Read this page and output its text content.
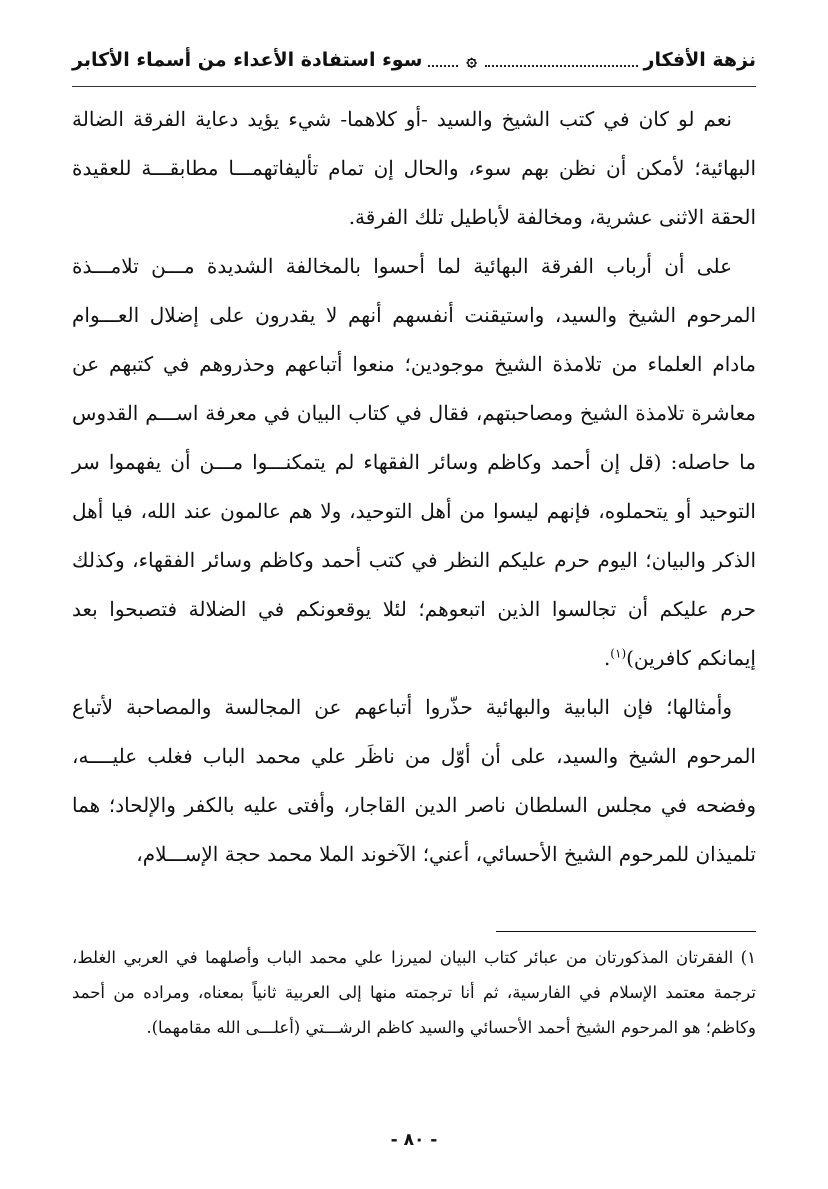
نزهة الأفكار
۞
سوء استفادة الأعداء من أسماء الأكابر

نعم لو كان في كتب الشيخ والسيد -أو كلاهما- شيء يؤيد دعاية الفرقة الضالة البهائية؛ لأمكن أن نظن بهم سوء، والحال إن تمام تأليفاتهمـــا مطابقـــة للعقيدة الحقة الاثنى عشرية، ومخالفة لأباطيل تلك الفرقة.

على أن أرباب الفرقة البهائية لما أحسوا بالمخالفة الشديدة مـــن تلامـــذة المرحوم الشيخ والسيد، واستيقنت أنفسهم أنهم لا يقدرون على إضلال العـــوام مادام العلماء من تلامذة الشيخ موجودين؛ منعوا أتباعهم وحذروهم في كتبهم عن معاشرة تلامذة الشيخ ومصاحبتهم، فقال في كتاب البيان في معرفة اســـم القدوس ما حاصله: (قل إن أحمد وكاظم وسائر الفقهاء لم يتمكنـــوا مـــن أن يفهموا سر التوحيد أو يتحملوه، فإنهم ليسوا من أهل التوحيد، ولا هم عالمون عند الله، فيا أهل الذكر والبيان؛ اليوم حرم عليكم النظر في كتب أحمد وكاظم وسائر الفقهاء، وكذلك حرم عليكم أن تجالسوا الذين اتبعوهم؛ لئلا يوقعونكم في الضلالة فتصبحوا بعد إيمانكم كافرين)$^{(١)}$.

وأمثالها؛ فإن البابية والبهائية حذّروا أتباعهم عن المجالسة والمصاحبة لأتباع المرحوم الشيخ والسيد، على أن أوّل من ناظَر علي محمد الباب فغلب عليــــه، وفضحه في مجلس السلطان ناصر الدين القاجار، وأفتى عليه بالكفر والإلحاد؛ هما تلميذان للمرحوم الشيخ الأحسائي، أعني؛ الآخوند الملا محمد حجة الإســـلام،

١) الفقرتان المذكورتان من عبائر كتاب البيان لميرزا علي محمد الباب وأصلهما في العربي الغلط، ترجمة معتمد الإسلام في الفارسية، ثم أنا ترجمته منها إلى العربية ثانياً بمعناه، ومراده من أحمد وكاظم؛ هو المرحوم الشيخ أحمد الأحسائي والسيد كاظم الرشـــتي (أعلـــى الله مقامهما).

- ٨٠ -
